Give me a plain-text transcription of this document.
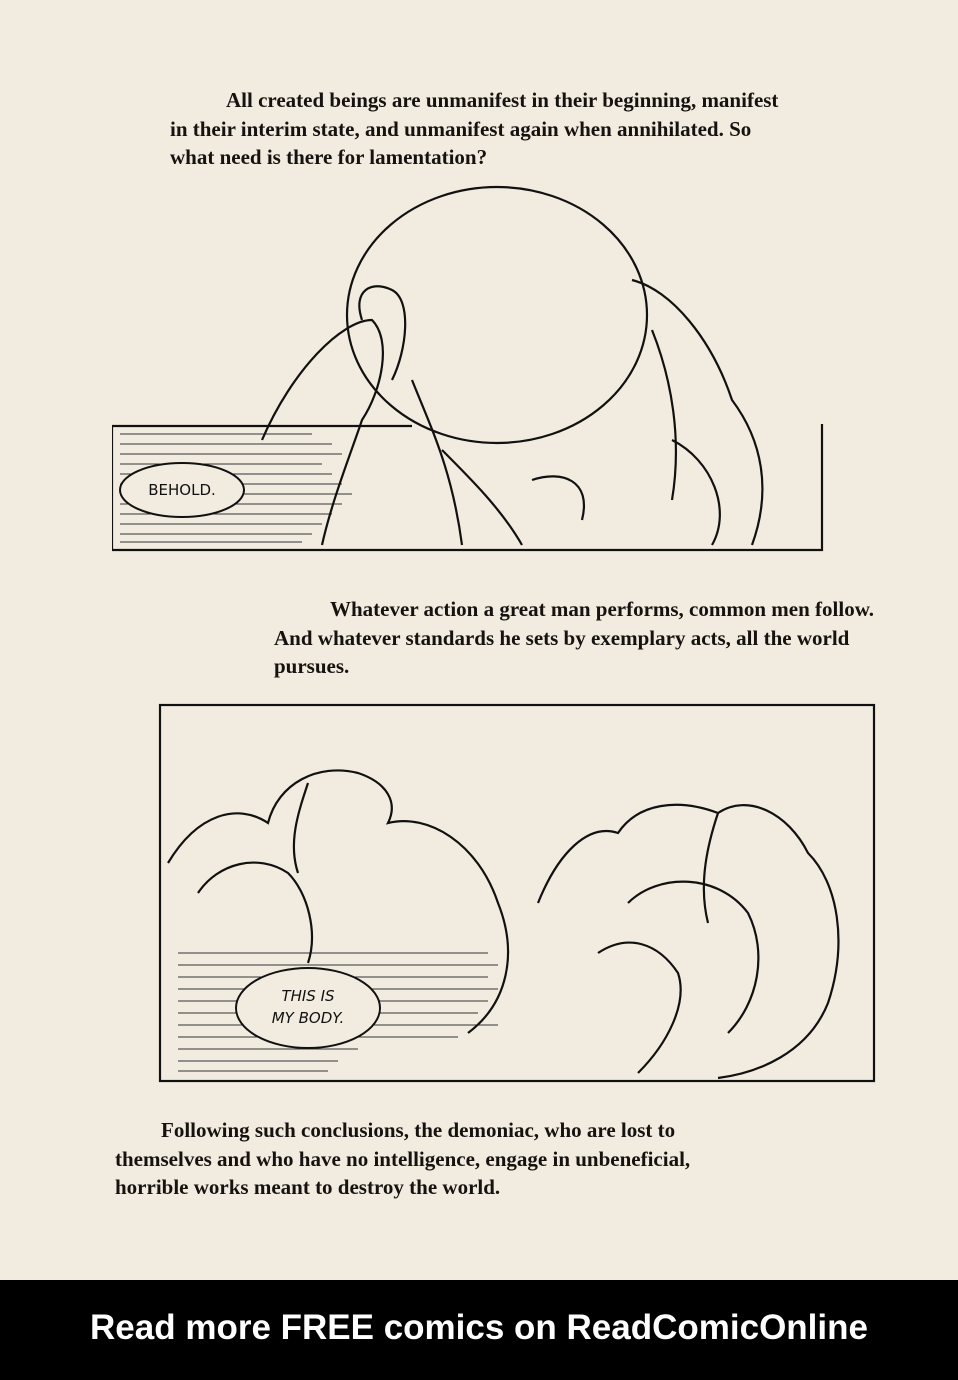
All created beings are unmanifest in their beginning, manifest in their interim state, and unmanifest again when annihilated. So what need is there for lamentation?
BEHOLD.
Whatever action a great man performs, common men follow. And whatever standards he sets by exemplary acts, all the world pursues.
THIS IS
MY BODY.
Following such conclusions, the demoniac, who are lost to themselves and who have no intelligence, engage in unbeneficial, horrible works meant to destroy the world.
Read more FREE comics on ReadComicOnline
